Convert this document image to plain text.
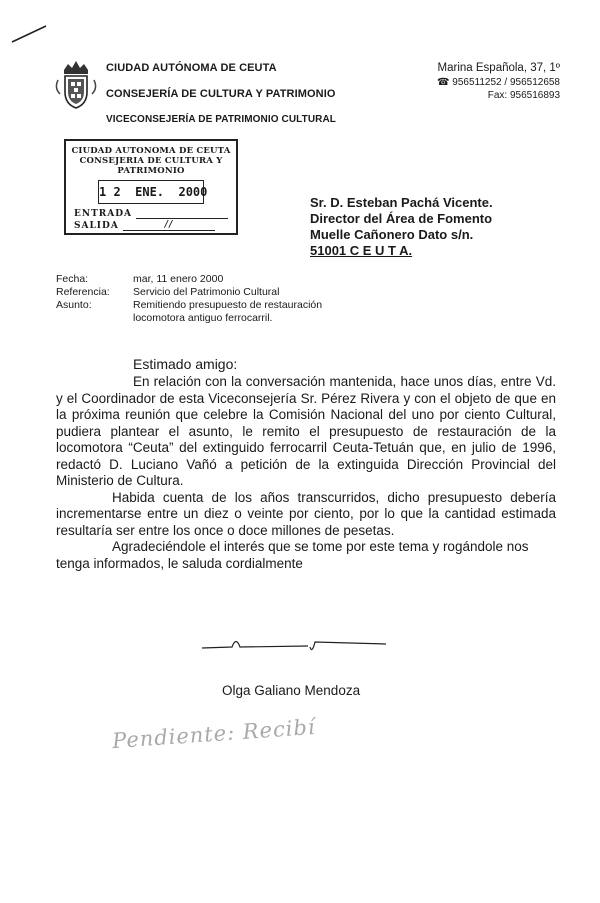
CIUDAD AUTÓNOMA DE CEUTA
CONSEJERÍA DE CULTURA Y PATRIMONIO
VICECONSEJERÍA DE PATRIMONIO CULTURAL
Marina Española, 37, 1º
☎ 956511252 / 956512658
Fax: 956516893
CIUDAD AUTONOMA DE CEUTA
CONSEJERIA DE CULTURA Y PATRIMONIO
1 2  ENE.  2000
ENTRADA
SALIDA	//
Sr. D. Esteban Pachá Vicente.
Director del Área de Fomento
Muelle Cañonero Dato s/n.
51001 C E U T A.
Fecha:	mar, 11 enero 2000
Referencia: Servicio del Patrimonio Cultural
Asunto:	Remitiendo presupuesto de restauración
locomotora antiguo ferrocarril.
Estimado amigo:

En relación con la conversación mantenida, hace unos días, entre Vd. y el Coordinador de esta Viceconsejería Sr. Pérez Rivera y con el objeto de que en la próxima reunión que celebre la Comisión Nacional del uno por ciento Cultural, pudiera plantear el asunto, le remito el presupuesto de restauración de la locomotora “Ceuta” del extinguido ferrocarril Ceuta-Tetuán que, en julio de 1996, redactó D. Luciano Vañó a petición de la extinguida Dirección Provincial del Ministerio de Cultura.

Habida cuenta de los años transcurridos, dicho presupuesto debería incrementarse entre un diez o veinte por ciento, por lo que la cantidad estimada resultaría ser entre los once o doce millones de pesetas.

Agradeciéndole el interés que se tome por este tema y rogándole nos tenga informados, le saluda cordialmente

Olga Galiano Mendoza
Pendiente: Recibí
